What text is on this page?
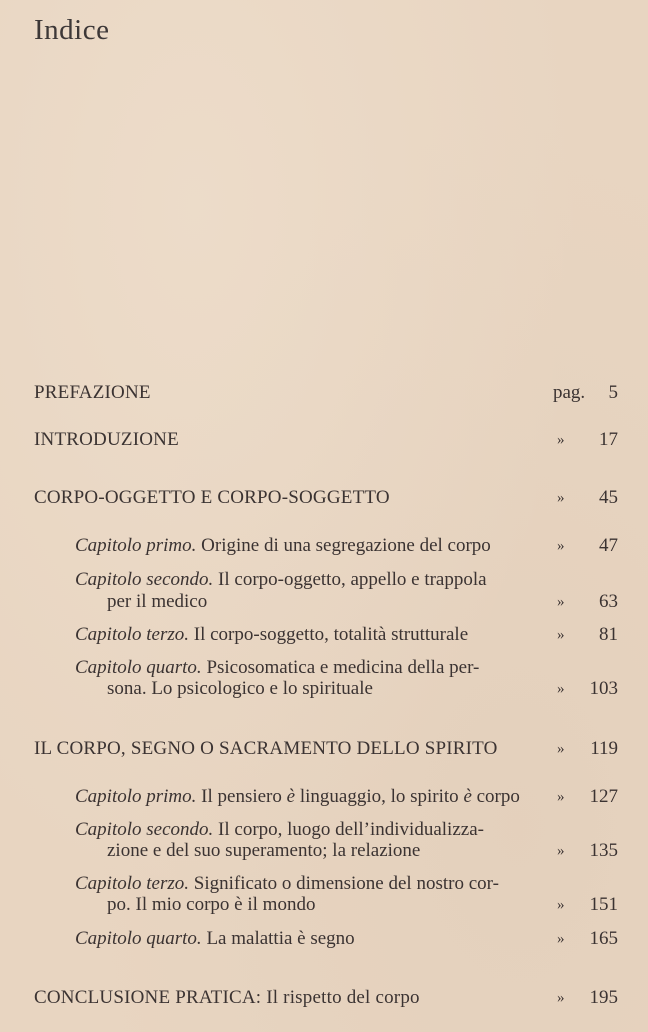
Indice
PREFAZIONE	pag. 5
INTRODUZIONE	» 17
CORPO-OGGETTO E CORPO-SOGGETTO	» 45
Capitolo primo. Origine di una segregazione del corpo	» 47
Capitolo secondo. Il corpo-oggetto, appello e trappola
per il medico	» 63
Capitolo terzo. Il corpo-soggetto, totalità strutturale	» 81
Capitolo quarto. Psicosomatica e medicina della per-
sona. Lo psicologico e lo spirituale	» 103
IL CORPO, SEGNO O SACRAMENTO DELLO SPIRITO	» 119
Capitolo primo. Il pensiero è linguaggio, lo spirito è corpo » 127
Capitolo secondo. Il corpo, luogo dell’individualizza-
zione e del suo superamento; la relazione	» 135
Capitolo terzo. Significato o dimensione del nostro cor-
po. Il mio corpo è il mondo	» 151
Capitolo quarto. La malattia è segno	» 165
CONCLUSIONE PRATICA: Il rispetto del corpo	» 195
